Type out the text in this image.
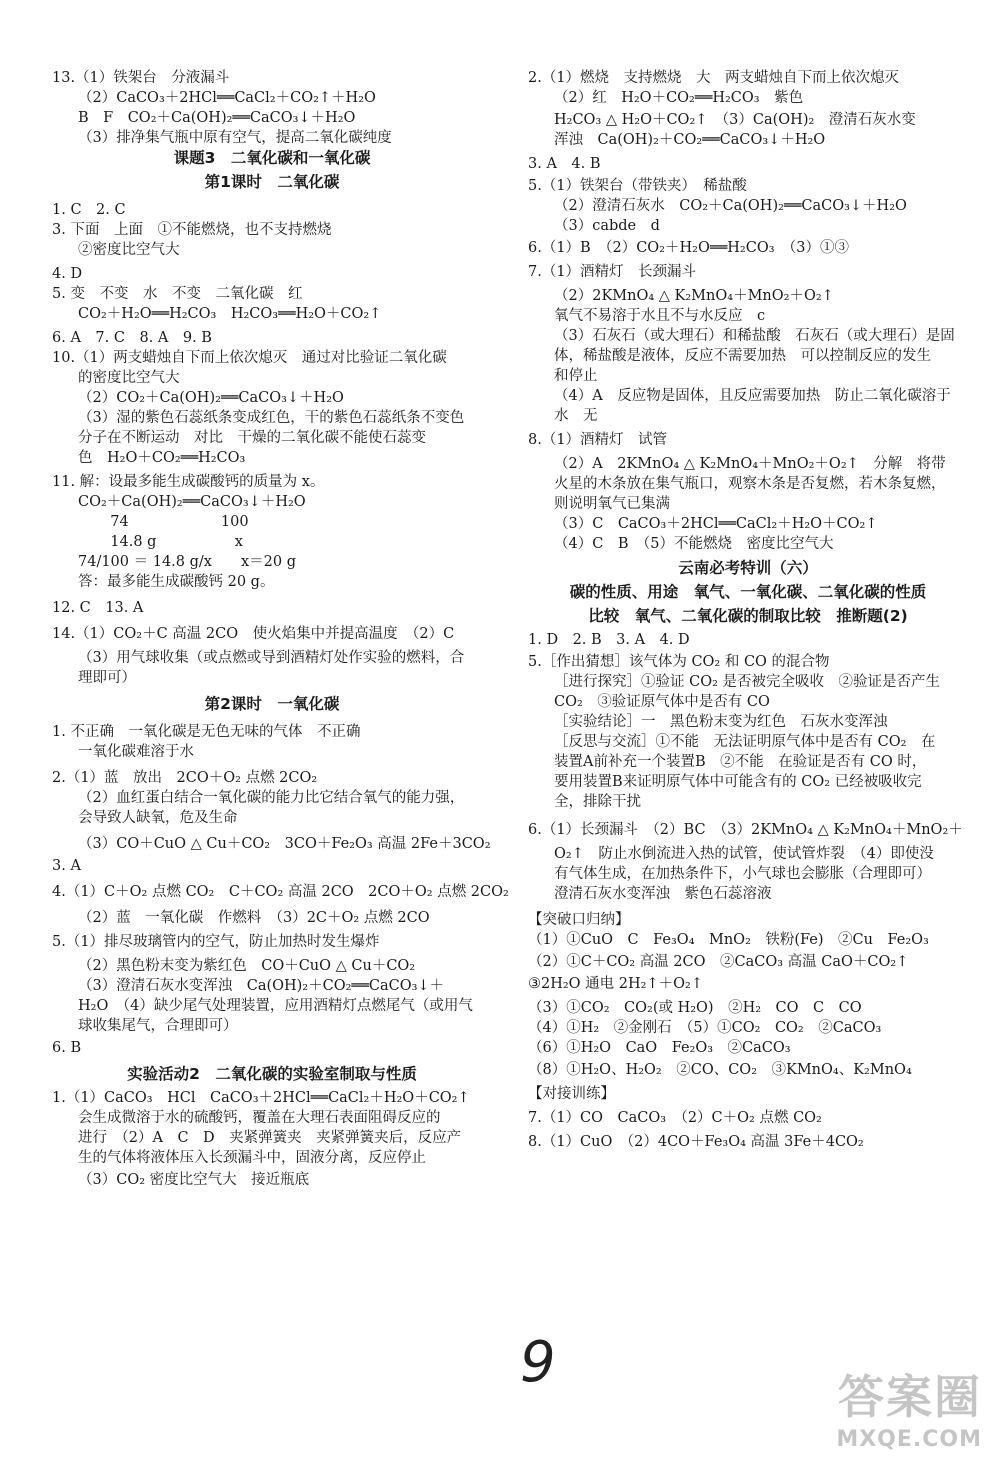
13.（1）铁架台　分液漏斗
（2）CaCO₃＋2HCl══CaCl₂＋CO₂↑＋H₂O
B　F　CO₂＋Ca(OH)₂══CaCO₃↓＋H₂O
（3）排净集气瓶中原有空气，提高二氧化碳纯度
课题3　二氧化碳和一氧化碳
第1课时　二氧化碳
1. C　2. C
3. 下面　上面　①不能燃烧，也不支持燃烧
②密度比空气大
4. D
5. 变　不变　水　不变　二氧化碳　红
CO₂＋H₂O══H₂CO₃　H₂CO₃══H₂O＋CO₂↑
6. A　7. C　8. A　9. B
10.（1）两支蜡烛自下而上依次熄灭　通过对比验证二氧化碳
的密度比空气大
（2）CO₂＋Ca(OH)₂══CaCO₃↓＋H₂O
（3）湿的紫色石蕊纸条变成红色，干的紫色石蕊纸条不变色
分子在不断运动　对比　干燥的二氧化碳不能使石蕊变
色　H₂O＋CO₂══H₂CO₃
11. 解：设最多能生成碳酸钙的质量为 x。
CO₂＋Ca(OH)₂══CaCO₃↓＋H₂O
74                    100
14.8 g                 x
74/100 ＝ 14.8 g/x　　x＝20 g
答：最多能生成碳酸钙 20 g。
12. C　13. A
14.（1）CO₂＋C 高温 2CO　使火焰集中并提高温度　（2）C
（3）用气球收集（或点燃或导到酒精灯处作实验的燃料，合
理即可）
第2课时　一氧化碳
1. 不正确　一氧化碳是无色无味的气体　不正确
一氧化碳难溶于水
2.（1）蓝　放出　2CO＋O₂ 点燃 2CO₂
（2）血红蛋白结合一氧化碳的能力比它结合氧气的能力强，
会导致人缺氧，危及生命
（3）CO＋CuO △ Cu＋CO₂　3CO＋Fe₂O₃ 高温 2Fe＋3CO₂
3. A
4.（1）C＋O₂ 点燃 CO₂　C＋CO₂ 高温 2CO　2CO＋O₂ 点燃 2CO₂
（2）蓝　一氧化碳　作燃料　（3）2C＋O₂ 点燃 2CO
5.（1）排尽玻璃管内的空气，防止加热时发生爆炸
（2）黑色粉末变为紫红色　CO＋CuO △ Cu＋CO₂
（3）澄清石灰水变浑浊　Ca(OH)₂＋CO₂══CaCO₃↓＋
H₂O　（4）缺少尾气处理装置，应用酒精灯点燃尾气（或用气
球收集尾气，合理即可）
6. B
实验活动2　二氧化碳的实验室制取与性质
1.（1）CaCO₃　HCl　CaCO₃＋2HCl══CaCl₂＋H₂O＋CO₂↑
会生成微溶于水的硫酸钙，覆盖在大理石表面阻碍反应的
进行　（2）A　C　D　夹紧弹簧夹　夹紧弹簧夹后，反应产
生的气体将液体压入长颈漏斗中，固液分离，反应停止
（3）CO₂ 密度比空气大　接近瓶底
2.（1）燃烧　支持燃烧　大　两支蜡烛自下而上依次熄灭
（2）红　H₂O＋CO₂══H₂CO₃　紫色
H₂CO₃ △ H₂O＋CO₂↑　（3）Ca(OH)₂　澄清石灰水变
浑浊　Ca(OH)₂＋CO₂══CaCO₃↓＋H₂O
3. A　4. B
5.（1）铁架台（带铁夹）　稀盐酸
（2）澄清石灰水　CO₂＋Ca(OH)₂══CaCO₃↓＋H₂O
（3）cabde　d
6.（1）B　（2）CO₂＋H₂O══H₂CO₃　（3）①③
7.（1）酒精灯　长颈漏斗
（2）2KMnO₄ △ K₂MnO₄＋MnO₂＋O₂↑
氧气不易溶于水且不与水反应　c
（3）石灰石（或大理石）和稀盐酸　石灰石（或大理石）是固
体，稀盐酸是液体，反应不需要加热　可以控制反应的发生
和停止
（4）A　反应物是固体，且反应需要加热　防止二氧化碳溶于
水　无
8.（1）酒精灯　试管
（2）A　2KMnO₄ △ K₂MnO₄＋MnO₂＋O₂↑　分解　将带
火星的木条放在集气瓶口，观察木条是否复燃，若木条复燃，
则说明氧气已集满
（3）C　CaCO₃＋2HCl══CaCl₂＋H₂O＋CO₂↑
（4）C　B　（5）不能燃烧　密度比空气大
云南必考特训（六）
碳的性质、用途　氧气、一氧化碳、二氧化碳的性质
比较　氧气、二氧化碳的制取比较　推断题(2)
1. D　2. B　3. A　4. D
5.［作出猜想］该气体为 CO₂ 和 CO 的混合物
［进行探究］①验证 CO₂ 是否被完全吸收　②验证是否产生
CO₂　③验证原气体中是否有 CO
［实验结论］一　黑色粉末变为红色　石灰水变浑浊
［反思与交流］①不能　无法证明原气体中是否有 CO₂　在
装置A前补充一个装置B　②不能　在验证是否有 CO 时，
要用装置B来证明原气体中可能含有的 CO₂ 已经被吸收完
全，排除干扰
6.（1）长颈漏斗　（2）BC　（3）2KMnO₄ △ K₂MnO₄＋MnO₂＋
O₂↑　防止水倒流进入热的试管，使试管炸裂　（4）即使没
有气体生成，在加热条件下，小气球也会膨胀（合理即可）
澄清石灰水变浑浊　紫色石蕊溶液
【突破口归纳】
（1）①CuO　C　Fe₃O₄　MnO₂　铁粉(Fe)　②Cu　Fe₂O₃
（2）①C＋CO₂ 高温 2CO　②CaCO₃ 高温 CaO＋CO₂↑
③2H₂O 通电 2H₂↑＋O₂↑
（3）①CO₂　CO₂(或 H₂O)　②H₂　CO　C　CO
（4）①H₂　②金刚石　（5）①CO₂　CO₂　②CaCO₃
（6）①H₂O　CaO　Fe₂O₃　②CaCO₃
（8）①H₂O、H₂O₂　②CO、CO₂　③KMnO₄、K₂MnO₄
【对接训练】
7.（1）CO　CaCO₃　（2）C＋O₂ 点燃 CO₂
8.（1）CuO　（2）4CO＋Fe₃O₄ 高温 3Fe＋4CO₂
9
答案圈
MXQE.COM
